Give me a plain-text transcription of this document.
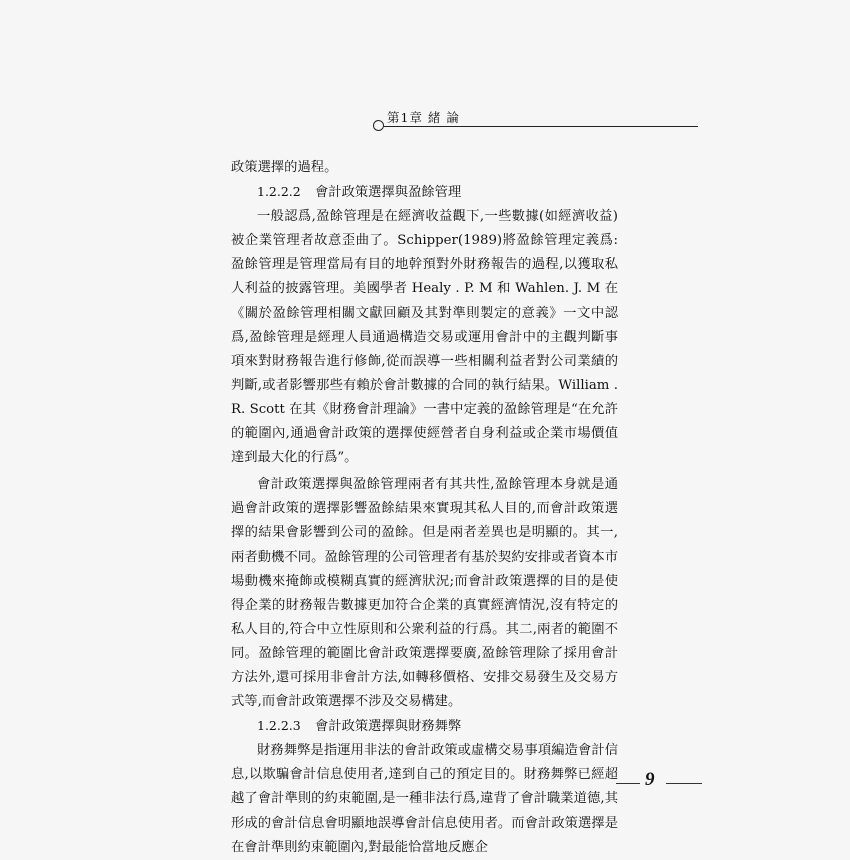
第1章 緒 論

政策選擇的過程。

1.2.2.2 會計政策選擇與盈餘管理

一般認爲,盈餘管理是在經濟收益觀下,一些數據(如經濟收益)被企業管理者故意歪曲了。Schipper(1989)將盈餘管理定義爲:盈餘管理是管理當局有目的地幹預對外財務報告的過程,以獲取私人利益的披露管理。美國學者 Healy . P. M 和 Wahlen. J. M 在《關於盈餘管理相關文獻回顧及其對準則製定的意義》一文中認爲,盈餘管理是經理人員通過構造交易或運用會計中的主觀判斷事項來對財務報告進行修飾,從而誤導一些相關利益者對公司業績的判斷,或者影響那些有賴於會計數據的合同的執行結果。William . R. Scott 在其《財務會計理論》一書中定義的盈餘管理是“在允許的範圍內,通過會計政策的選擇使經營者自身利益或企業市場價值達到最大化的行爲”。

會計政策選擇與盈餘管理兩者有其共性,盈餘管理本身就是通過會計政策的選擇影響盈餘結果來實現其私人目的,而會計政策選擇的結果會影響到公司的盈餘。但是兩者差異也是明顯的。其一,兩者動機不同。盈餘管理的公司管理者有基於契約安排或者資本市場動機來掩飾或模糊真實的經濟狀況;而會計政策選擇的目的是使得企業的財務報告數據更加符合企業的真實經濟情況,沒有特定的私人目的,符合中立性原則和公衆利益的行爲。其二,兩者的範圍不同。盈餘管理的範圍比會計政策選擇要廣,盈餘管理除了採用會計方法外,還可採用非會計方法,如轉移價格、安排交易發生及交易方式等,而會計政策選擇不涉及交易構建。

1.2.2.3 會計政策選擇與財務舞弊

財務舞弊是指運用非法的會計政策或虛構交易事項編造會計信息,以欺騙會計信息使用者,達到自己的預定目的。財務舞弊已經超越了會計準則的約束範圍,是一種非法行爲,違背了會計職業道德,其形成的會計信息會明顯地誤導會計信息使用者。而會計政策選擇是在會計準則約束範圍內,對最能恰當地反應企

9
